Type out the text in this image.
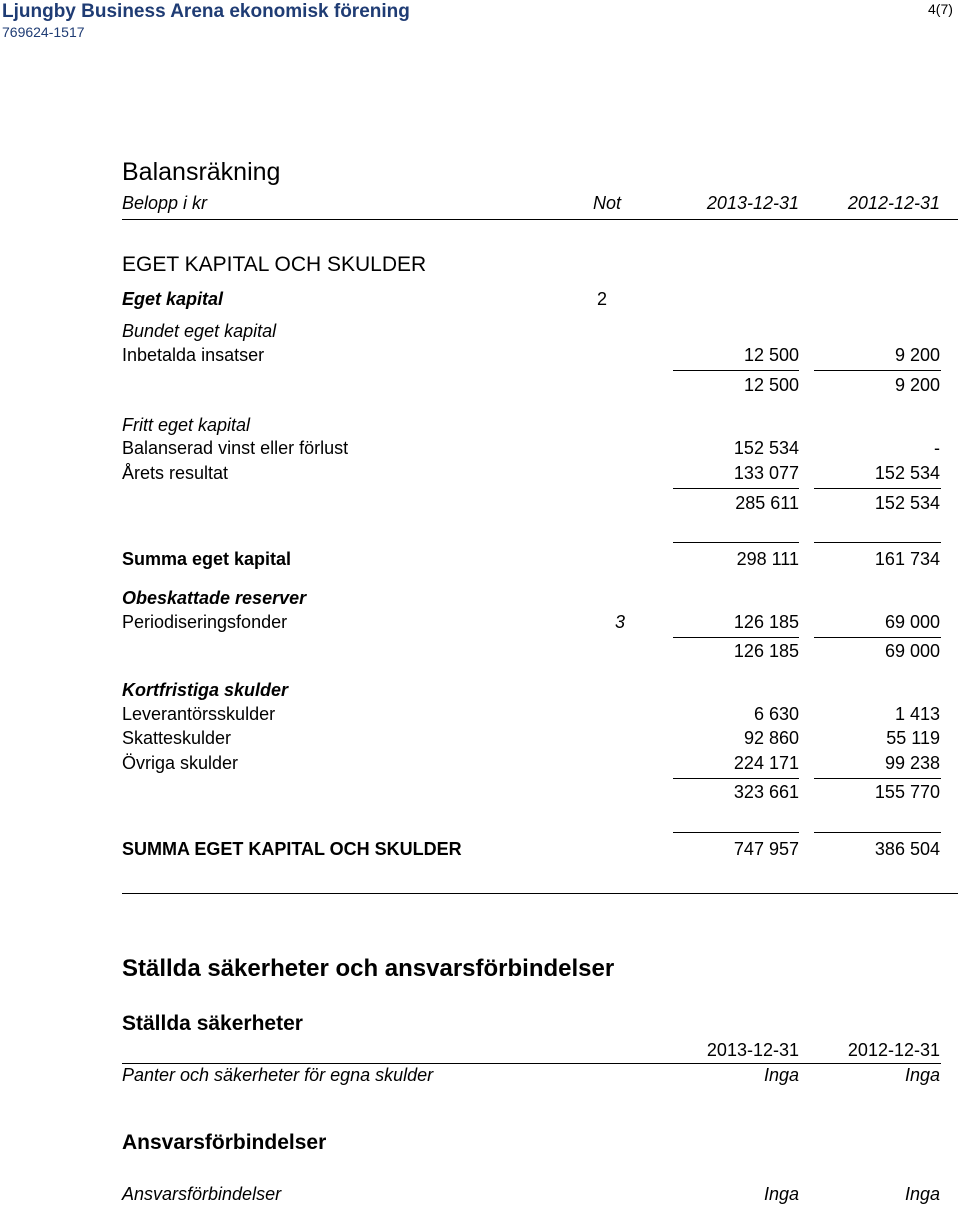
Ljungby Business Arena ekonomisk förening
769624-1517
4(7)
Balansräkning
Belopp i kr	Not	2013-12-31	2012-12-31
EGET KAPITAL OCH SKULDER
Eget kapital	2
Bundet eget kapital
Inbetalda insatser	12 500	9 200
12 500	9 200
Fritt eget kapital
Balanserad vinst eller förlust	152 534	-
Årets resultat	133 077	152 534
285 611	152 534
Summa eget kapital	298 111	161 734
Obeskattade reserver
Periodiseringsfonder	3	126 185	69 000
126 185	69 000
Kortfristiga skulder
Leverantörsskulder	6 630	1 413
Skatteskulder	92 860	55 119
Övriga skulder	224 171	99 238
323 661	155 770
SUMMA EGET KAPITAL OCH SKULDER	747 957	386 504
Ställda säkerheter och ansvarsförbindelser
Ställda säkerheter
2013-12-31	2012-12-31
Panter och säkerheter för egna skulder	Inga	Inga
Ansvarsförbindelser
Ansvarsförbindelser	Inga	Inga
